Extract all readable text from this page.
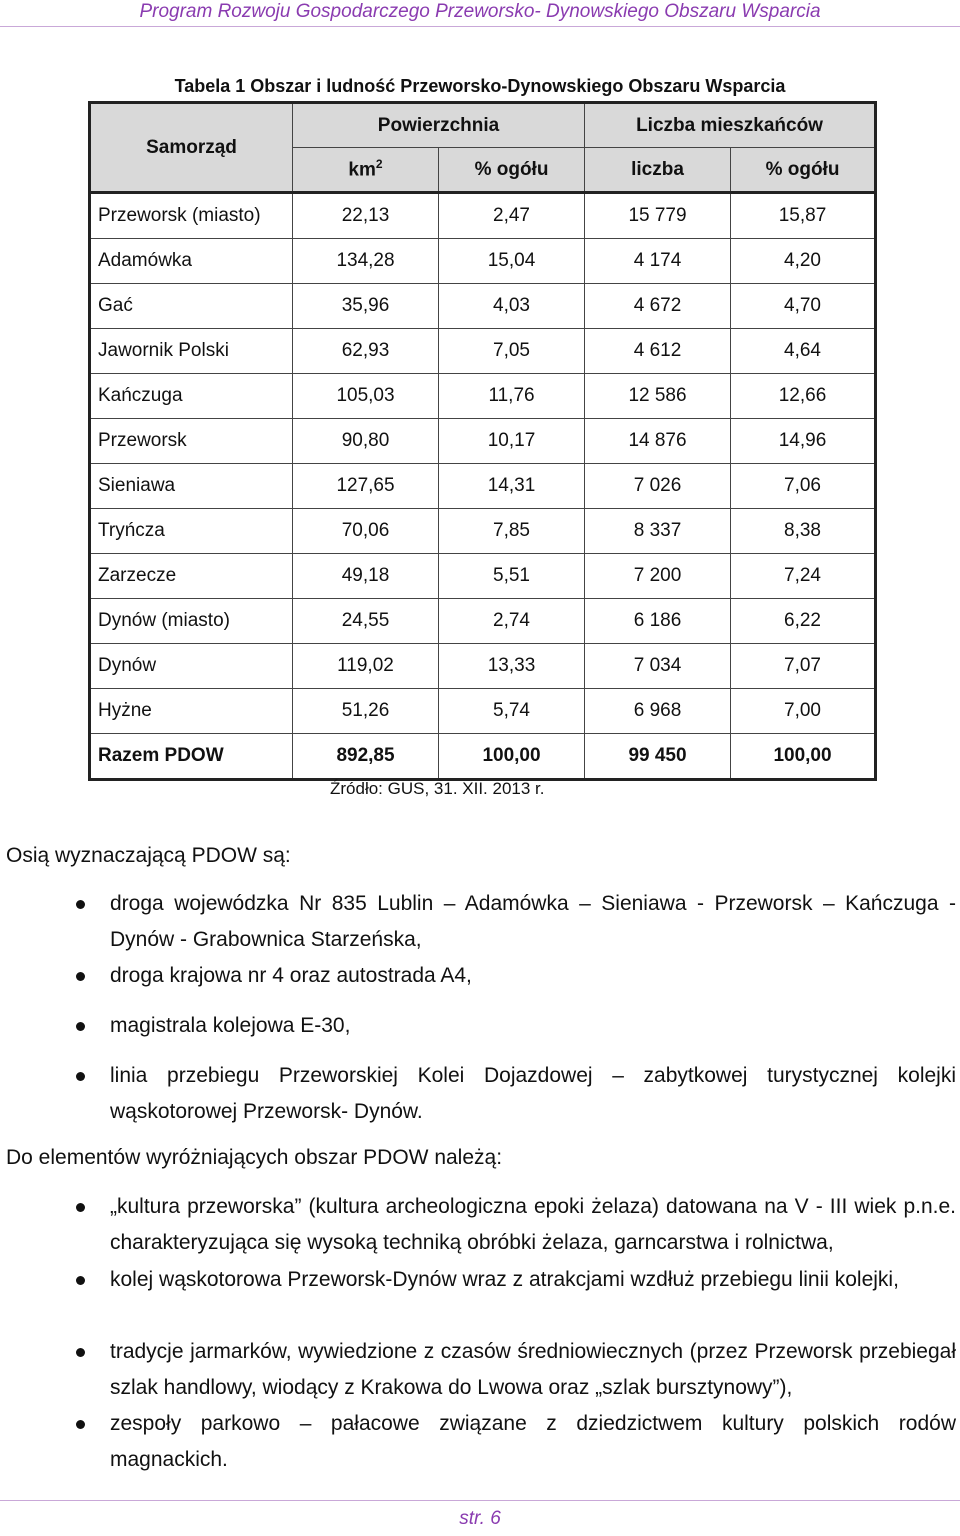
Program Rozwoju Gospodarczego Przeworsko- Dynowskiego Obszaru Wsparcia
Tabela 1 Obszar i ludność Przeworsko-Dynowskiego Obszaru Wsparcia
Samorząd	Powierzchnia		Liczba mieszkańców	
	$km^2$	% ogółu	liczba	% ogółu
Przeworsk (miasto)	22,13	2,47	15 779	15,87
Adamówka	134,28	15,04	4 174	4,20
Gać	35,96	4,03	4 672	4,70
Jawornik Polski	62,93	7,05	4 612	4,64
Kańczuga	105,03	11,76	12 586	12,66
Przeworsk	90,80	10,17	14 876	14,96
Sieniawa	127,65	14,31	7 026	7,06
Tryńcza	70,06	7,85	8 337	8,38
Zarzecze	49,18	5,51	7 200	7,24
Dynów (miasto)	24,55	2,74	6 186	6,22
Dynów	119,02	13,33	7 034	7,07
Hyżne	51,26	5,74	6 968	7,00
Razem PDOW	892,85	100,00	99 450	100,00
Źródło: GUS, 31. XII. 2013 r.
Osią wyznaczającą PDOW są:
droga wojewódzka Nr 835 Lublin – Adamówka – Sieniawa - Przeworsk – Kańczuga - Dynów - Grabownica Starzeńska,
droga krajowa nr 4 oraz autostrada A4,
magistrala kolejowa E-30,
linia przebiegu Przeworskiej Kolei Dojazdowej – zabytkowej turystycznej kolejki wąskotorowej Przeworsk- Dynów.
Do elementów wyróżniających obszar PDOW należą:
„kultura przeworska” (kultura archeologiczna epoki żelaza) datowana na V - III wiek p.n.e. charakteryzująca się wysoką techniką obróbki żelaza, garncarstwa i rolnictwa,
kolej wąskotorowa Przeworsk-Dynów wraz z atrakcjami wzdłuż przebiegu linii kolejki,
tradycje jarmarków, wywiedzione z czasów średniowiecznych (przez Przeworsk przebiegał szlak handlowy, wiodący z Krakowa do Lwowa oraz „szlak bursztynowy”),
zespoły parkowo – pałacowe związane z dziedzictwem kultury polskich rodów magnackich.
str. 6
